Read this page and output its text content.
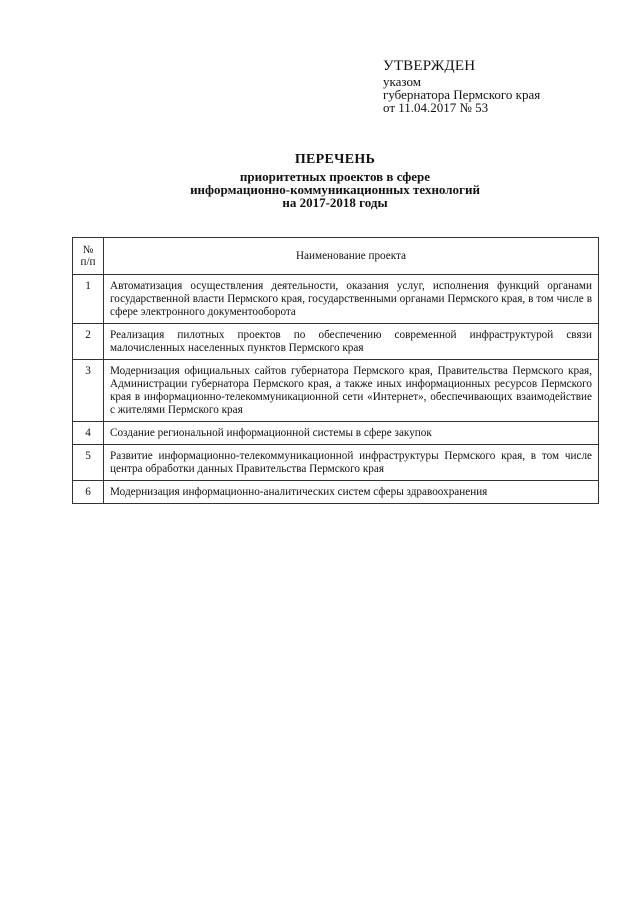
УТВЕРЖДЕН
указом
губернатора Пермского края
от 11.04.2017 № 53
ПЕРЕЧЕНЬ
приоритетных проектов в сфере
информационно-коммуникационных технологий
на 2017-2018 годы
№
п/п	Наименование проекта
1	Автоматизация осуществления деятельности, оказания услуг, исполнения функций органами государственной власти Пермского края, государственными органами Пермского края, в том числе в сфере электронного документооборота
2	Реализация пилотных проектов по обеспечению современной инфраструктурой связи малочисленных населенных пунктов Пермского края
3	Модернизация официальных сайтов губернатора Пермского края, Правительства Пермского края, Администрации губернатора Пермского края, а также иных информационных ресурсов Пермского края в информационно-телекоммуникационной сети «Интернет», обеспечивающих взаимодействие с жителями Пермского края
4	Создание региональной информационной системы в сфере закупок
5	Развитие информационно-телекоммуникационной инфраструктуры Пермского края, в том числе центра обработки данных Правительства Пермского края
6	Модернизация информационно-аналитических систем сферы здравоохранения
